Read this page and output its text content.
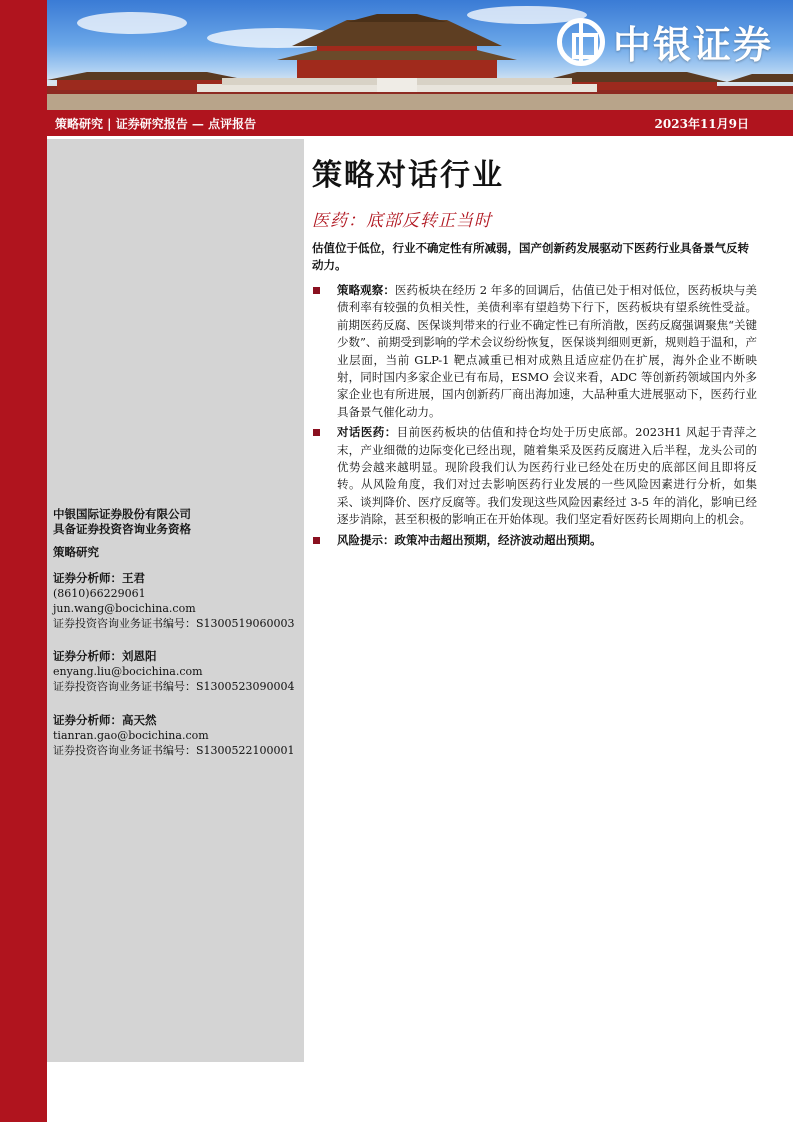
中银证券
策略研究 | 证券研究报告 — 点评报告	2023年11月9日
中银国际证券股份有限公司
具备证券投资咨询业务资格
策略研究
证券分析师：王君
(8610)66229061
jun.wang@bocichina.com
证券投资咨询业务证书编号：S1300519060003
证券分析师：刘恩阳
enyang.liu@bocichina.com
证券投资咨询业务证书编号：S1300523090004
证券分析师：高天然
tianran.gao@bocichina.com
证券投资咨询业务证书编号：S1300522100001
策略对话行业
医药：底部反转正当时
估值位于低位，行业不确定性有所减弱，国产创新药发展驱动下医药行业具备景气反转动力。
策略观察：医药板块在经历 2 年多的回调后，估值已处于相对低位，医药板块与美债利率有较强的负相关性，美债利率有望趋势下行下，医药板块有望系统性受益。前期医药反腐、医保谈判带来的行业不确定性已有所消散，医药反腐强调聚焦“关键少数”、前期受到影响的学术会议纷纷恢复，医保谈判细则更新，规则趋于温和，产业层面，当前 GLP-1 靶点减重已相对成熟且适应症仍在扩展，海外企业不断映射，同时国内多家企业已有布局，ESMO 会议来看，ADC 等创新药领域国内外多家企业也有所进展，国内创新药厂商出海加速，大品种重大进展驱动下，医药行业具备景气催化动力。
对话医药：目前医药板块的估值和持仓均处于历史底部。2023H1 风起于青萍之末，产业细微的边际变化已经出现，随着集采及医药反腐进入后半程，龙头公司的优势会越来越明显。现阶段我们认为医药行业已经处在历史的底部区间且即将反转。从风险角度，我们对过去影响医药行业发展的一些风险因素进行分析，如集采、谈判降价、医疗反腐等。我们发现这些风险因素经过 3-5 年的消化，影响已经逐步消除，甚至积极的影响正在开始体现。我们坚定看好医药长周期向上的机会。
风险提示：政策冲击超出预期，经济波动超出预期。
